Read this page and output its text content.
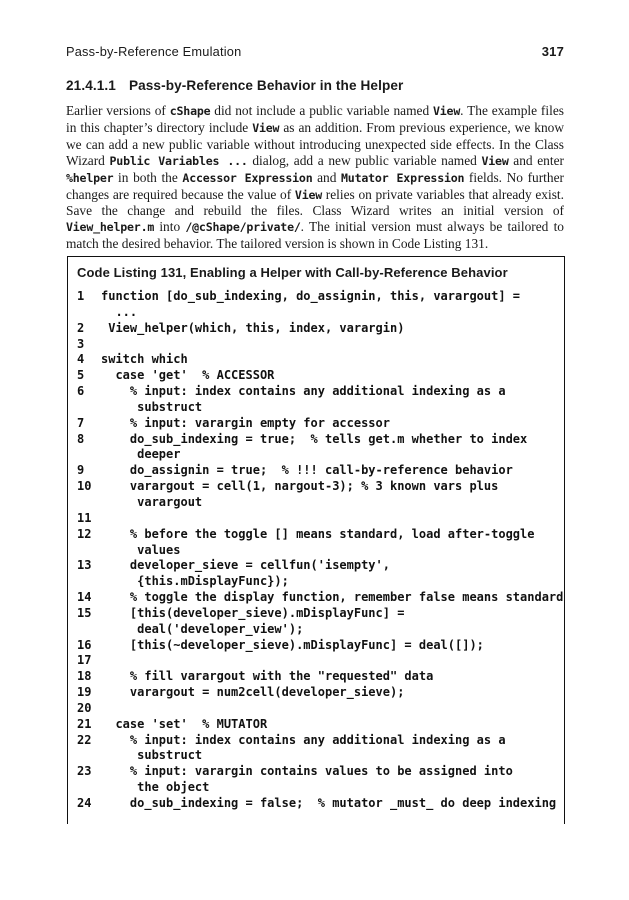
Pass-by-Reference Emulation	317
21.4.1.1 Pass-by-Reference Behavior in the Helper
Earlier versions of cShape did not include a public variable named View. The example files in this chapter’s directory include View as an addition. From previous experience, we know we can add a new public variable without introducing unexpected side effects. In the Class Wizard Public Variables ... dialog, add a new public variable named View and enter %helper in both the Accessor Expression and Mutator Expression fields. No further changes are required because the value of View relies on private variables that already exist. Save the change and rebuild the files. Class Wizard writes an initial version of View_helper.m into /@cShape/private/. The initial version must always be tailored to match the desired behavior. The tailored version is shown in Code Listing 131.
Code Listing 131, Enabling a Helper with Call-by-Reference Behavior
1	function [do_sub_indexing, do_assignin, this, varargout] =
...
2	View_helper(which, this, index, varargin)
3

4	switch which
5	case 'get'  % ACCESSOR
6	% input: index contains any additional indexing as a
substruct
7	% input: varargin empty for accessor
8	do_sub_indexing = true;  % tells get.m whether to index
deeper
9	do_assignin = true;  % !!! call-by-reference behavior
10 varargout = cell(1, nargout-3); % 3 known vars plus
varargout
11

12 % before the toggle [] means standard, load after-toggle
values
13 developer_sieve = cellfun('isempty',
{this.mDisplayFunc});
14 % toggle the display function, remember false means standard
15 [this(developer_sieve).mDisplayFunc] =
deal('developer_view');
16 [this(~developer_sieve).mDisplayFunc] = deal([]);
17

18 % fill varargout with the "requested" data
19 varargout = num2cell(developer_sieve);
20

21 case 'set'  % MUTATOR
22 % input: index contains any additional indexing as a
substruct
23 % input: varargin contains values to be assigned into
the object
24 do_sub_indexing = false;  % mutator _must_ do deep indexing
